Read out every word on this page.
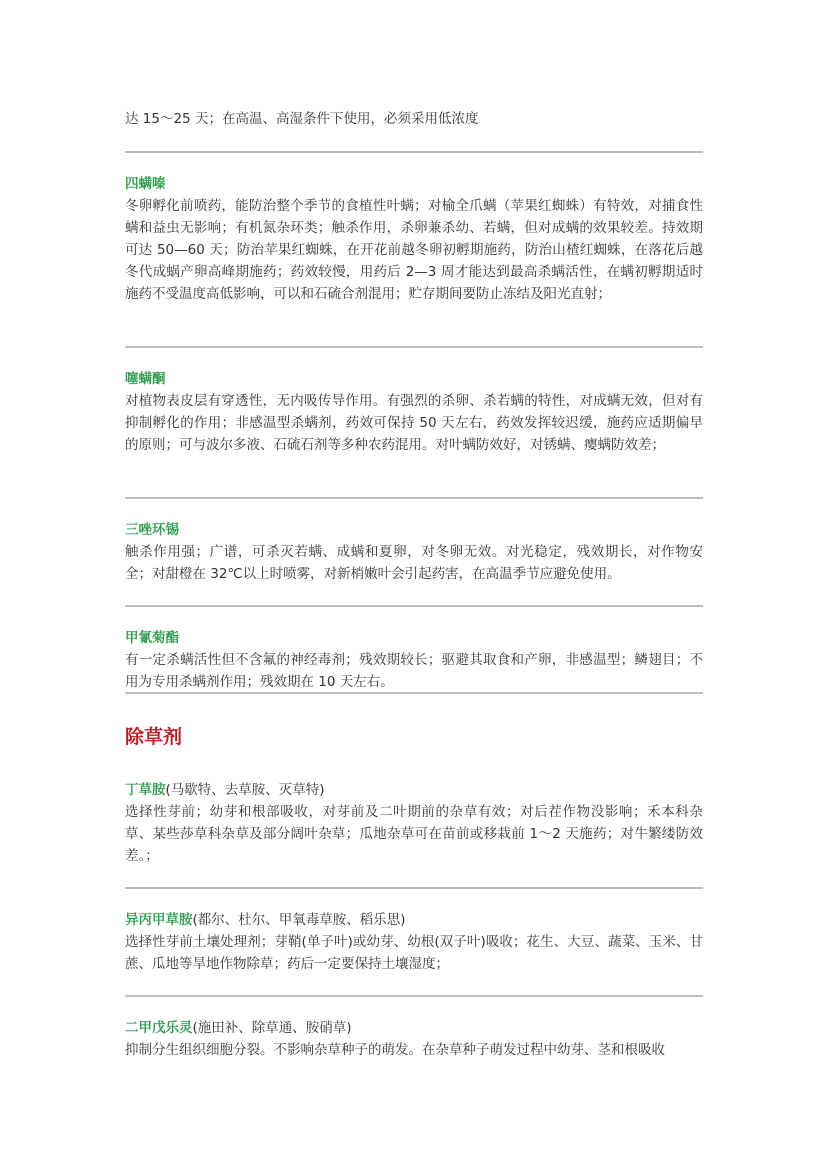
达 15～25 天；在高温、高湿条件下使用，必须采用低浓度

四螨嗪

冬卵孵化前喷药，能防治整个季节的食植性叶螨；对榆全爪螨（苹果红蜘蛛）有特效，对捕食性螨和益虫无影响；有机氮杂环类；触杀作用，杀卵兼杀幼、若螨，但对成螨的效果较差。持效期可达 50—60 天；防治苹果红蜘蛛，在开花前越冬卵初孵期施药，防治山楂红蜘蛛，在落花后越冬代成蜗产卵高峰期施药；药效较慢，用药后 2—3 周才能达到最高杀螨活性，在螨初孵期适时施药不受温度高低影响，可以和石硫合剂混用；贮存期间要防止冻结及阳光直射；

噻螨酮

对植物表皮层有穿透性，无内吸传导作用。有强烈的杀卵、杀若螨的特性，对成螨无效，但对有抑制孵化的作用；非感温型杀螨剂，药效可保持 50 天左右，药效发挥较迟缓，施药应适期偏早的原则；可与波尔多液、石硫石剂等多种农药混用。对叶螨防效好，对锈螨、瘿螨防效差；

三唑环锡

触杀作用强；广谱，可杀灭若螨、成螨和夏卵，对冬卵无效。对光稳定，残效期长，对作物安全；对甜橙在 32℃以上时喷雾，对新梢嫩叶会引起药害，在高温季节应避免使用。

甲氰菊酯

有一定杀螨活性但不含氟的神经毒剂；残效期较长；驱避其取食和产卵，非感温型；鳞翅目；不用为专用杀螨剂作用；残效期在 10 天左右。

除草剂

丁草胺(马歇特、去草胺、灭草特)

选择性芽前；幼芽和根部吸收，对芽前及二叶期前的杂草有效；对后茬作物没影响；禾本科杂草、某些莎草科杂草及部分阔叶杂草；瓜地杂草可在苗前或移栽前 1～2 天施药；对牛繁缕防效差。；

异丙甲草胺(都尔、杜尔、甲氧毒草胺、稻乐思)

选择性芽前土壤处理剂；芽鞘(单子叶)或幼芽、幼根(双子叶)吸收；花生、大豆、蔬菜、玉米、甘蔗、瓜地等旱地作物除草；药后一定要保持土壤湿度；

二甲戊乐灵(施田补、除草通、胺硝草)

抑制分生组织细胞分裂。不影响杂草种子的萌发。在杂草种子萌发过程中幼芽、茎和根吸收
